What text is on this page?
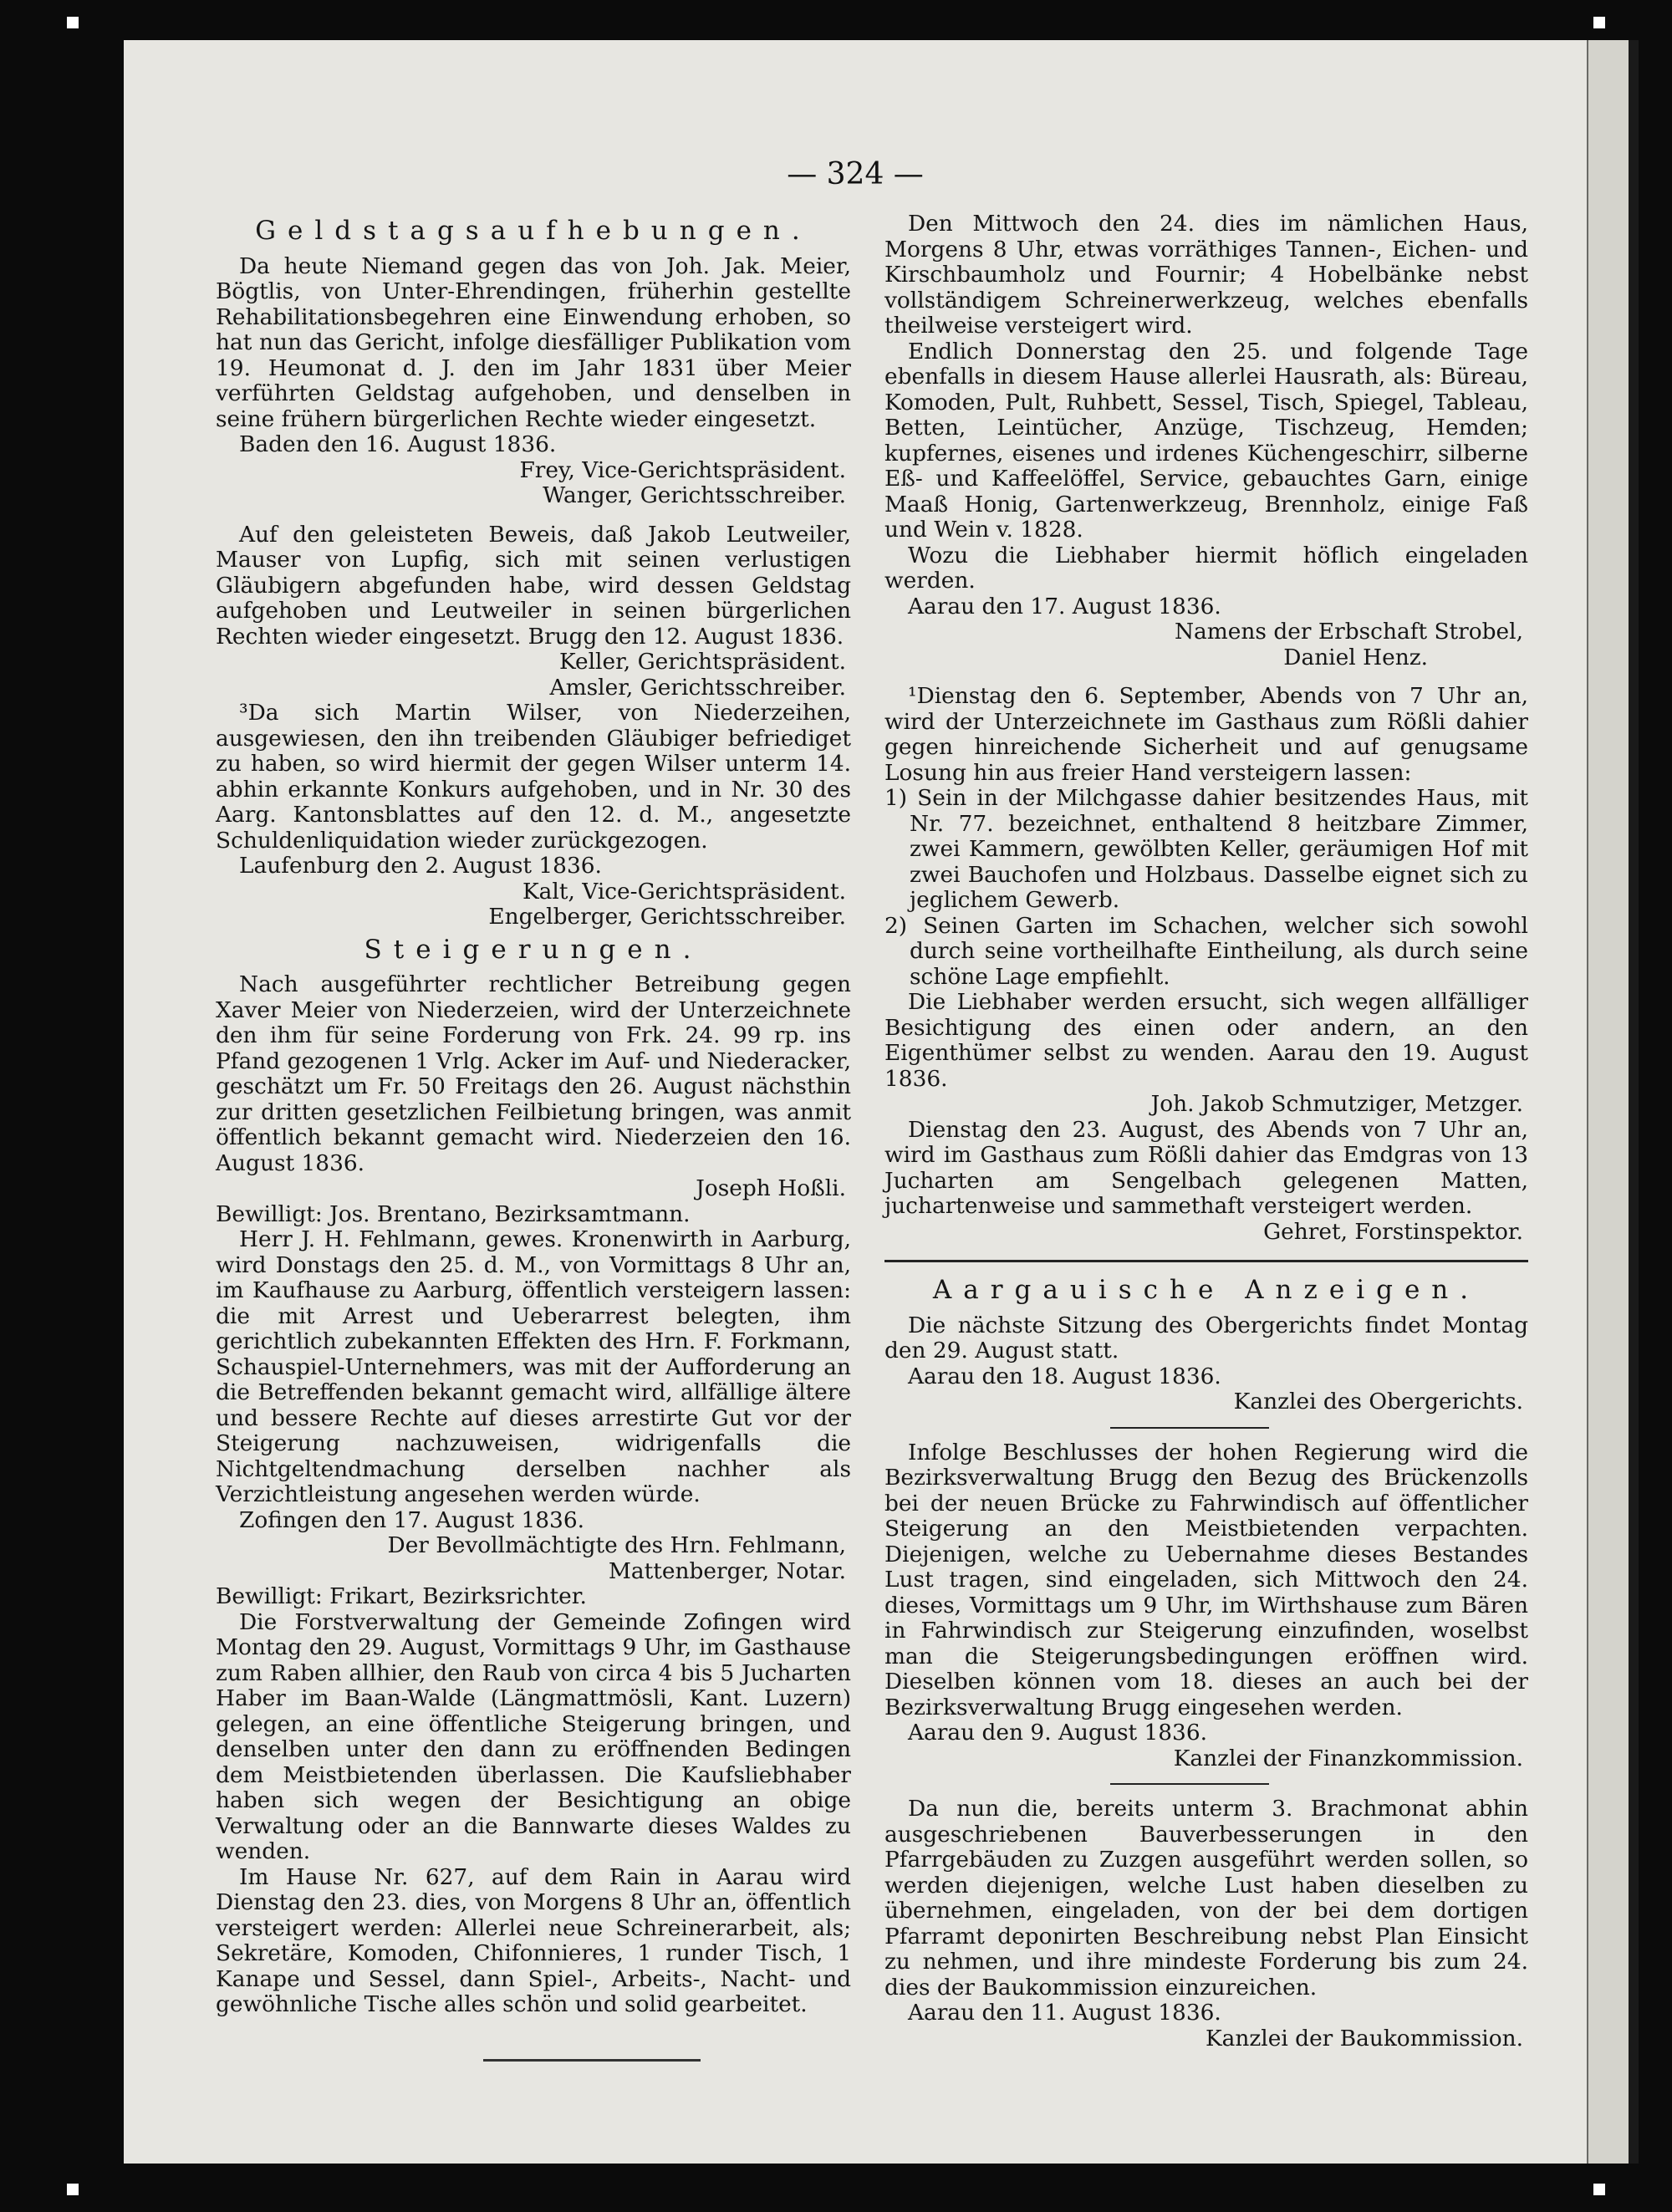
— 324 —

Geldstagsaufhebungen.

Da heute Niemand gegen das von Joh. Jak. Meier, Bögtlis, von Unter-Ehrendingen, früherhin gestellte Rehabilitationsbegehren eine Einwendung erhoben, so hat nun das Gericht, infolge diesfälliger Publikation vom 19. Heumonat d. J. den im Jahr 1831 über Meier verführten Geldstag aufgehoben, und denselben in seine frühern bürgerlichen Rechte wieder eingesetzt.

Baden den 16. August 1836.

Frey, Vice-Gerichtspräsident.

Wanger, Gerichtsschreiber.

Auf den geleisteten Beweis, daß Jakob Leutweiler, Mauser von Lupfig, sich mit seinen verlustigen Gläubigern abgefunden habe, wird dessen Geldstag aufgehoben und Leutweiler in seinen bürgerlichen Rechten wieder eingesetzt. Brugg den 12. August 1836.

Keller, Gerichtspräsident.

Amsler, Gerichtsschreiber.

³Da sich Martin Wilser, von Niederzeihen, ausgewiesen, den ihn treibenden Gläubiger befriediget zu haben, so wird hiermit der gegen Wilser unterm 14. abhin erkannte Konkurs aufgehoben, und in Nr. 30 des Aarg. Kantonsblattes auf den 12. d. M., angesetzte Schuldenliquidation wieder zurückgezogen.

Laufenburg den 2. August 1836.

Kalt, Vice-Gerichtspräsident.

Engelberger, Gerichtsschreiber.

Steigerungen.

Nach ausgeführter rechtlicher Betreibung gegen Xaver Meier von Niederzeien, wird der Unterzeichnete den ihm für seine Forderung von Frk. 24. 99 rp. ins Pfand gezogenen 1 Vrlg. Acker im Auf- und Niederacker, geschätzt um Fr. 50 Freitags den 26. August nächsthin zur dritten gesetzlichen Feilbietung bringen, was anmit öffentlich bekannt gemacht wird. Niederzeien den 16. August 1836.

Joseph Hoßli.

Bewilligt: Jos. Brentano, Bezirksamtmann.

Herr J. H. Fehlmann, gewes. Kronenwirth in Aarburg, wird Donstags den 25. d. M., von Vormittags 8 Uhr an, im Kaufhause zu Aarburg, öffentlich versteigern lassen: die mit Arrest und Ueberarrest belegten, ihm gerichtlich zubekannten Effekten des Hrn. F. Forkmann, Schauspiel-Unternehmers, was mit der Aufforderung an die Betreffenden bekannt gemacht wird, allfällige ältere und bessere Rechte auf dieses arrestirte Gut vor der Steigerung nachzuweisen, widrigenfalls die Nichtgeltendmachung derselben nachher als Verzichtleistung angesehen werden würde.

Zofingen den 17. August 1836.

Der Bevollmächtigte des Hrn. Fehlmann,

Mattenberger, Notar.

Bewilligt: Frikart, Bezirksrichter.

Die Forstverwaltung der Gemeinde Zofingen wird Montag den 29. August, Vormittags 9 Uhr, im Gasthause zum Raben allhier, den Raub von circa 4 bis 5 Jucharten Haber im Baan-Walde (Längmattmösli, Kant. Luzern) gelegen, an eine öffentliche Steigerung bringen, und denselben unter den dann zu eröffnenden Bedingen dem Meistbietenden überlassen. Die Kaufsliebhaber haben sich wegen der Besichtigung an obige Verwaltung oder an die Bannwarte dieses Waldes zu wenden.

Im Hause Nr. 627, auf dem Rain in Aarau wird Dienstag den 23. dies, von Morgens 8 Uhr an, öffentlich versteigert werden: Allerlei neue Schreinerarbeit, als; Sekretäre, Komoden, Chifonnieres, 1 runder Tisch, 1 Kanape und Sessel, dann Spiel-, Arbeits-, Nacht- und gewöhnliche Tische alles schön und solid gearbeitet.

Den Mittwoch den 24. dies im nämlichen Haus, Morgens 8 Uhr, etwas vorräthiges Tannen-, Eichen- und Kirschbaumholz und Fournir; 4 Hobelbänke nebst vollständigem Schreinerwerkzeug, welches ebenfalls theilweise versteigert wird.

Endlich Donnerstag den 25. und folgende Tage ebenfalls in diesem Hause allerlei Hausrath, als: Büreau, Komoden, Pult, Ruhbett, Sessel, Tisch, Spiegel, Tableau, Betten, Leintücher, Anzüge, Tischzeug, Hemden; kupfernes, eisenes und irdenes Küchengeschirr, silberne Eß- und Kaffeelöffel, Service, gebauchtes Garn, einige Maaß Honig, Gartenwerkzeug, Brennholz, einige Faß und Wein v. 1828.

Wozu die Liebhaber hiermit höflich eingeladen werden.

Aarau den 17. August 1836.

Namens der Erbschaft Strobel,

Daniel Henz.

¹Dienstag den 6. September, Abends von 7 Uhr an, wird der Unterzeichnete im Gasthaus zum Rößli dahier gegen hinreichende Sicherheit und auf genugsame Losung hin aus freier Hand versteigern lassen:

1) Sein in der Milchgasse dahier besitzendes Haus, mit Nr. 77. bezeichnet, enthaltend 8 heitzbare Zimmer, zwei Kammern, gewölbten Keller, geräumigen Hof mit zwei Bauchofen und Holzbaus. Dasselbe eignet sich zu jeglichem Gewerb.

2) Seinen Garten im Schachen, welcher sich sowohl durch seine vortheilhafte Eintheilung, als durch seine schöne Lage empfiehlt.

Die Liebhaber werden ersucht, sich wegen allfälliger Besichtigung des einen oder andern, an den Eigenthümer selbst zu wenden. Aarau den 19. August 1836.

Joh. Jakob Schmutziger, Metzger.

Dienstag den 23. August, des Abends von 7 Uhr an, wird im Gasthaus zum Rößli dahier das Emdgras von 13 Jucharten am Sengelbach gelegenen Matten, juchartenweise und sammethaft versteigert werden.

Gehret, Forstinspektor.

Aargauische Anzeigen.

Die nächste Sitzung des Obergerichts findet Montag den 29. August statt.

Aarau den 18. August 1836.

Kanzlei des Obergerichts.

Infolge Beschlusses der hohen Regierung wird die Bezirksverwaltung Brugg den Bezug des Brückenzolls bei der neuen Brücke zu Fahrwindisch auf öffentlicher Steigerung an den Meistbietenden verpachten. Diejenigen, welche zu Uebernahme dieses Bestandes Lust tragen, sind eingeladen, sich Mittwoch den 24. dieses, Vormittags um 9 Uhr, im Wirthshause zum Bären in Fahrwindisch zur Steigerung einzufinden, woselbst man die Steigerungsbedingungen eröffnen wird. Dieselben können vom 18. dieses an auch bei der Bezirksverwaltung Brugg eingesehen werden.

Aarau den 9. August 1836.

Kanzlei der Finanzkommission.

Da nun die, bereits unterm 3. Brachmonat abhin ausgeschriebenen Bauverbesserungen in den Pfarrgebäuden zu Zuzgen ausgeführt werden sollen, so werden diejenigen, welche Lust haben dieselben zu übernehmen, eingeladen, von der bei dem dortigen Pfarramt deponirten Beschreibung nebst Plan Einsicht zu nehmen, und ihre mindeste Forderung bis zum 24. dies der Baukommission einzureichen.

Aarau den 11. August 1836.

Kanzlei der Baukommission.
